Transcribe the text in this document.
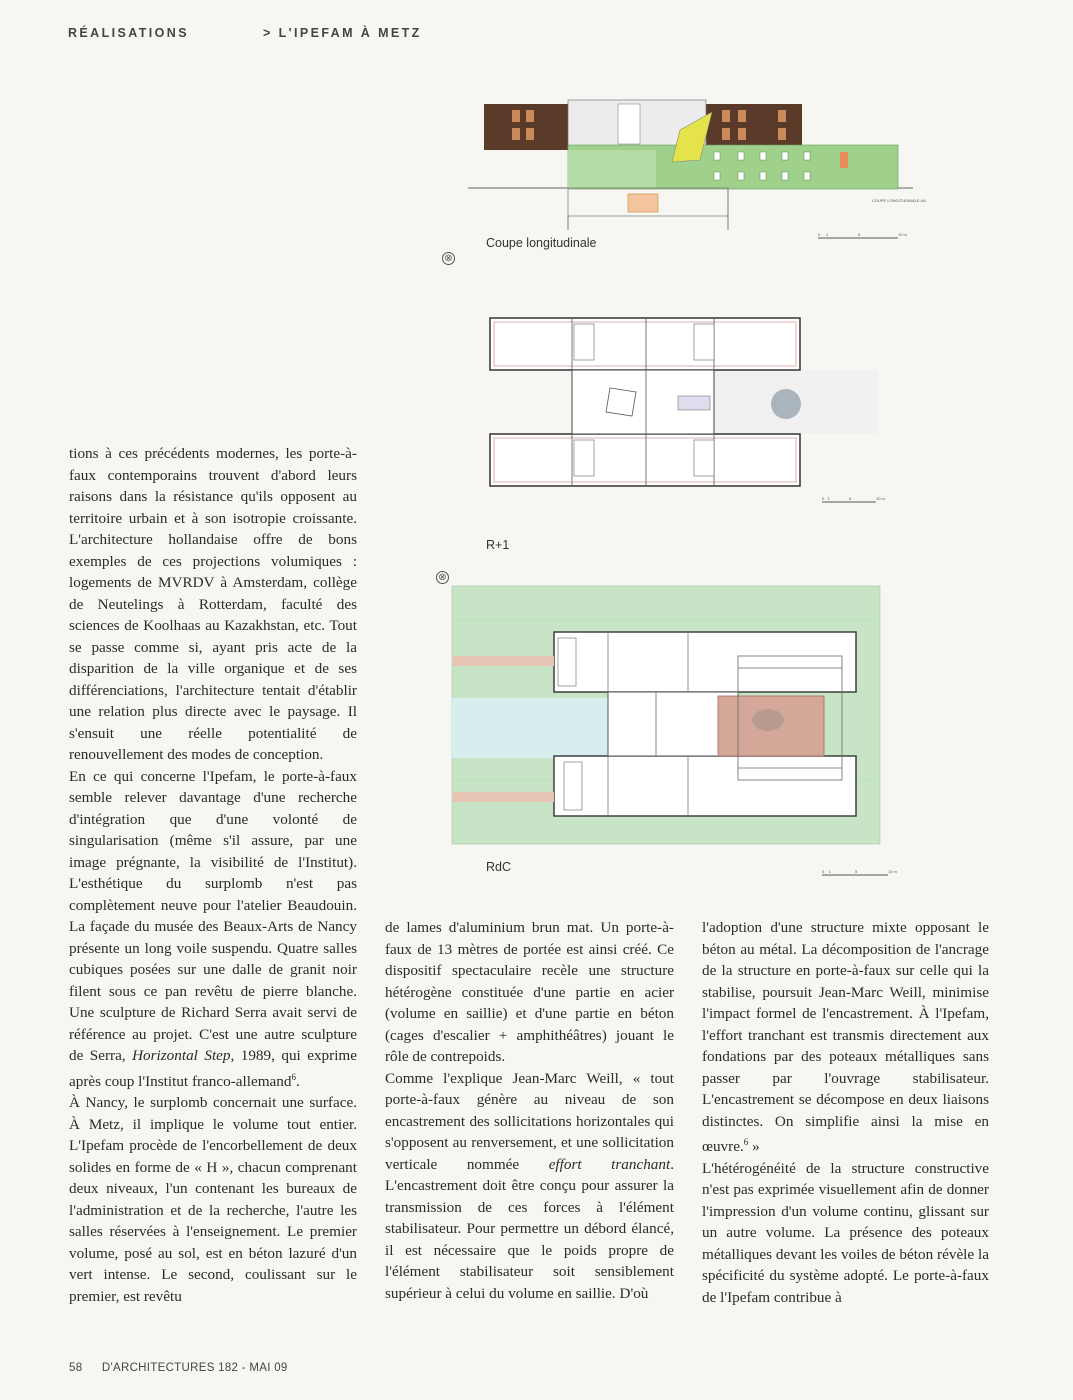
RÉALISATIONS	> L'IPEFAM À METZ
COUPE LONGITUDINALE AA
0 1	5	10 m
Coupe longitudinale
⊗
0 1	5	10 m
R+1
⊗
0 1	5	10 m
RdC

tions à ces précédents modernes, les porte-à-faux contemporains trouvent d'abord leurs raisons dans la résistance qu'ils opposent au territoire urbain et à son isotropie croissante. L'architecture hollandaise offre de bons exemples de ces projections volumiques : logements de MVRDV à Amsterdam, collège de Neutelings à Rotterdam, faculté des sciences de Koolhaas au Kazakhstan, etc. Tout se passe comme si, ayant pris acte de la disparition de la ville organique et de ses différenciations, l'architecture tentait d'établir une relation plus directe avec le paysage. Il s'ensuit une réelle potentialité de renouvellement des modes de conception.

En ce qui concerne l'Ipefam, le porte-à-faux semble relever davantage d'une recherche d'intégration que d'une volonté de singularisation (même s'il assure, par une image prégnante, la visibilité de l'Institut). L'esthétique du surplomb n'est pas complètement neuve pour l'atelier Beaudouin. La façade du musée des Beaux-Arts de Nancy présente un long voile suspendu. Quatre salles cubiques posées sur une dalle de granit noir filent sous ce pan revêtu de pierre blanche. Une sculpture de Richard Serra avait servi de référence au projet. C'est une autre sculpture de Serra, Horizontal Step, 1989, qui exprime après coup l'Institut franco-allemand$^6$.

À Nancy, le surplomb concernait une surface. À Metz, il implique le volume tout entier. L'Ipefam procède de l'encorbellement de deux solides en forme de « H », chacun comprenant deux niveaux, l'un contenant les bureaux de l'administration et de la recherche, l'autre les salles réservées à l'enseignement. Le premier volume, posé au sol, est en béton lazuré d'un vert intense. Le second, coulissant sur le premier, est revêtu

de lames d'aluminium brun mat. Un porte-à-faux de 13 mètres de portée est ainsi créé. Ce dispositif spectaculaire recèle une structure hétérogène constituée d'une partie en acier (volume en saillie) et d'une partie en béton (cages d'escalier + amphithéâtres) jouant le rôle de contrepoids.

Comme l'explique Jean-Marc Weill, « tout porte-à-faux génère au niveau de son encastrement des sollicitations horizontales qui s'opposent au renversement, et une sollicitation verticale nommée effort tranchant. L'encastrement doit être conçu pour assurer la transmission de ces forces à l'élément stabilisateur. Pour permettre un débord élancé, il est nécessaire que le poids propre de l'élément stabilisateur soit sensiblement supérieur à celui du volume en saillie. D'où

l'adoption d'une structure mixte opposant le béton au métal. La décomposition de l'ancrage de la structure en porte-à-faux sur celle qui la stabilise, poursuit Jean-Marc Weill, minimise l'impact formel de l'encastrement. À l'Ipefam, l'effort tranchant est transmis directement aux fondations par des poteaux métalliques sans passer par l'ouvrage stabilisateur. L'encastrement se décompose en deux liaisons distinctes. On simplifie ainsi la mise en œuvre.$^6$ »

L'hétérogénéité de la structure constructive n'est pas exprimée visuellement afin de donner l'impression d'un volume continu, glissant sur un autre volume. La présence des poteaux métalliques devant les voiles de béton révèle la spécificité du système adopté. Le porte-à-faux de l'Ipefam contribue à

58 D'ARCHITECTURES 182 - MAI 09
